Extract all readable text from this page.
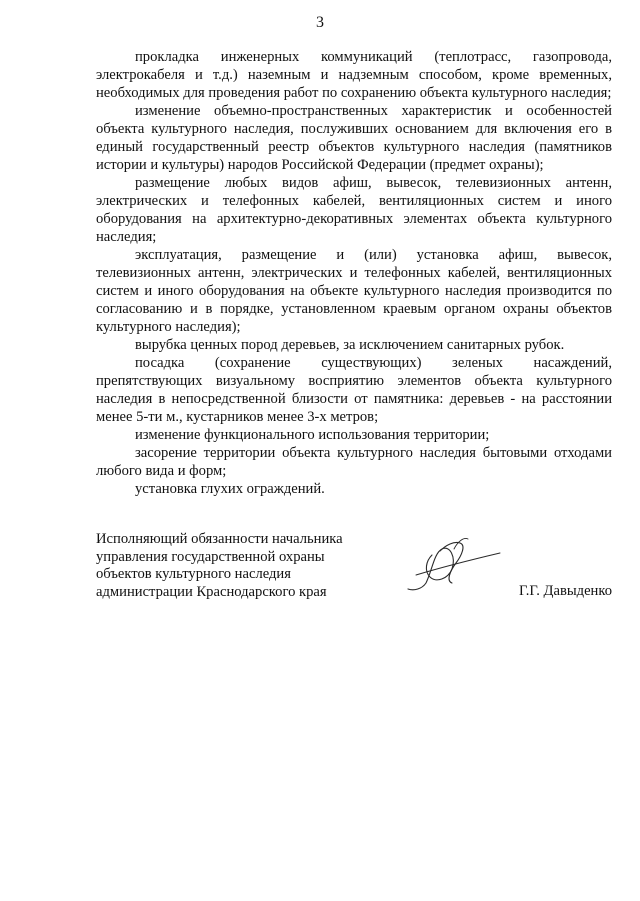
3

прокладка инженерных коммуникаций (теплотрасс, газопровода, электрокабеля и т.д.) наземным и надземным способом, кроме временных, необходимых для проведения работ по сохранению объекта культурного наследия;

изменение объемно-пространственных характеристик и особенностей объекта культурного наследия, послуживших основанием для включения его в единый государственный реестр объектов культурного наследия (памятников истории и культуры) народов Российской Федерации (предмет охраны);

размещение любых видов афиш, вывесок, телевизионных антенн, электрических и телефонных кабелей, вентиляционных систем и иного оборудования на архитектурно-декоративных элементах объекта культурного наследия;

эксплуатация, размещение и (или) установка афиш, вывесок, телевизионных антенн, электрических и телефонных кабелей, вентиляционных систем и иного оборудования на объекте культурного наследия производится по согласованию и в порядке, установленном краевым органом охраны объектов культурного наследия);

вырубка ценных пород деревьев, за исключением санитарных рубок.

посадка (сохранение существующих) зеленых насаждений, препятствующих визуальному восприятию элементов объекта культурного наследия в непосредственной близости от памятника: деревьев - на расстоянии менее 5-ти м., кустарников менее 3-х метров;

изменение функционального использования территории;

засорение территории объекта культурного наследия бытовыми отходами любого вида и форм;

установка глухих ограждений.

Исполняющий обязанности начальника
управления государственной охраны
объектов культурного наследия
администрации Краснодарского края	Г.Г. Давыденко
